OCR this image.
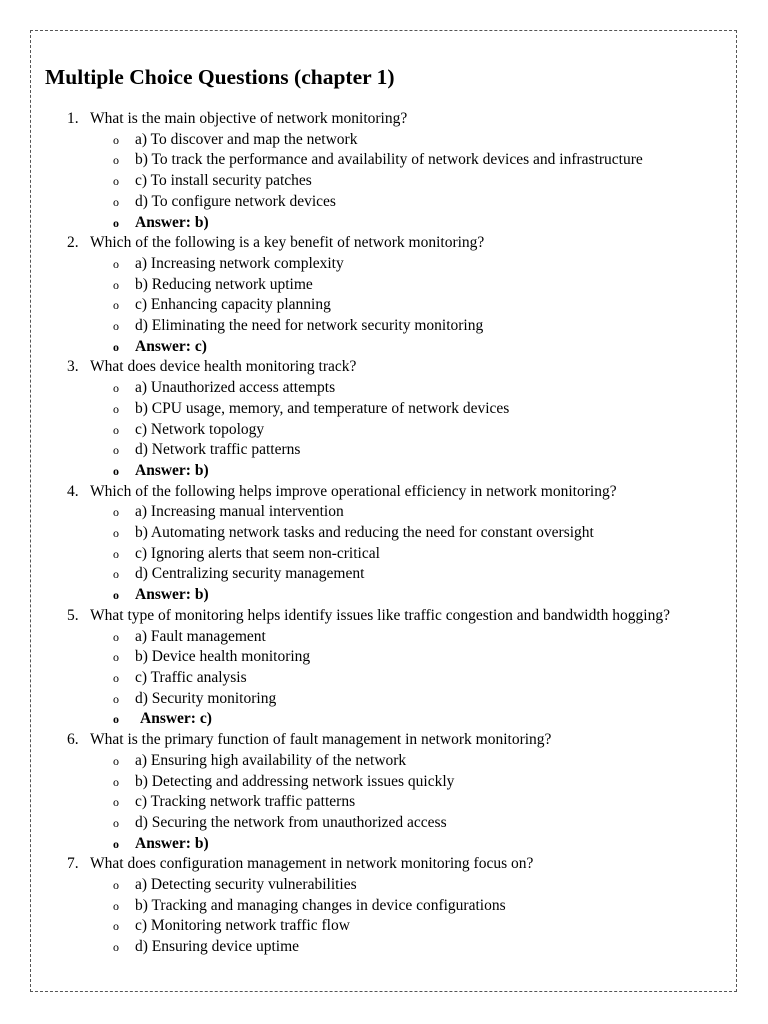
Multiple Choice Questions (chapter 1)
1. What is the main objective of network monitoring?
o a) To discover and map the network
o b) To track the performance and availability of network devices and infrastructure
o c) To install security patches
o d) To configure network devices
o Answer: b)
2. Which of the following is a key benefit of network monitoring?
o a) Increasing network complexity
o b) Reducing network uptime
o c) Enhancing capacity planning
o d) Eliminating the need for network security monitoring
o Answer: c)
3. What does device health monitoring track?
o a) Unauthorized access attempts
o b) CPU usage, memory, and temperature of network devices
o c) Network topology
o d) Network traffic patterns
o Answer: b)
4. Which of the following helps improve operational efficiency in network monitoring?
o a) Increasing manual intervention
o b) Automating network tasks and reducing the need for constant oversight
o c) Ignoring alerts that seem non-critical
o d) Centralizing security management
o Answer: b)
5. What type of monitoring helps identify issues like traffic congestion and bandwidth hogging?
o a) Fault management
o b) Device health monitoring
o c) Traffic analysis
o d) Security monitoring
o Answer: c)
6. What is the primary function of fault management in network monitoring?
o a) Ensuring high availability of the network
o b) Detecting and addressing network issues quickly
o c) Tracking network traffic patterns
o d) Securing the network from unauthorized access
o Answer: b)
7. What does configuration management in network monitoring focus on?
o a) Detecting security vulnerabilities
o b) Tracking and managing changes in device configurations
o c) Monitoring network traffic flow
o d) Ensuring device uptime
